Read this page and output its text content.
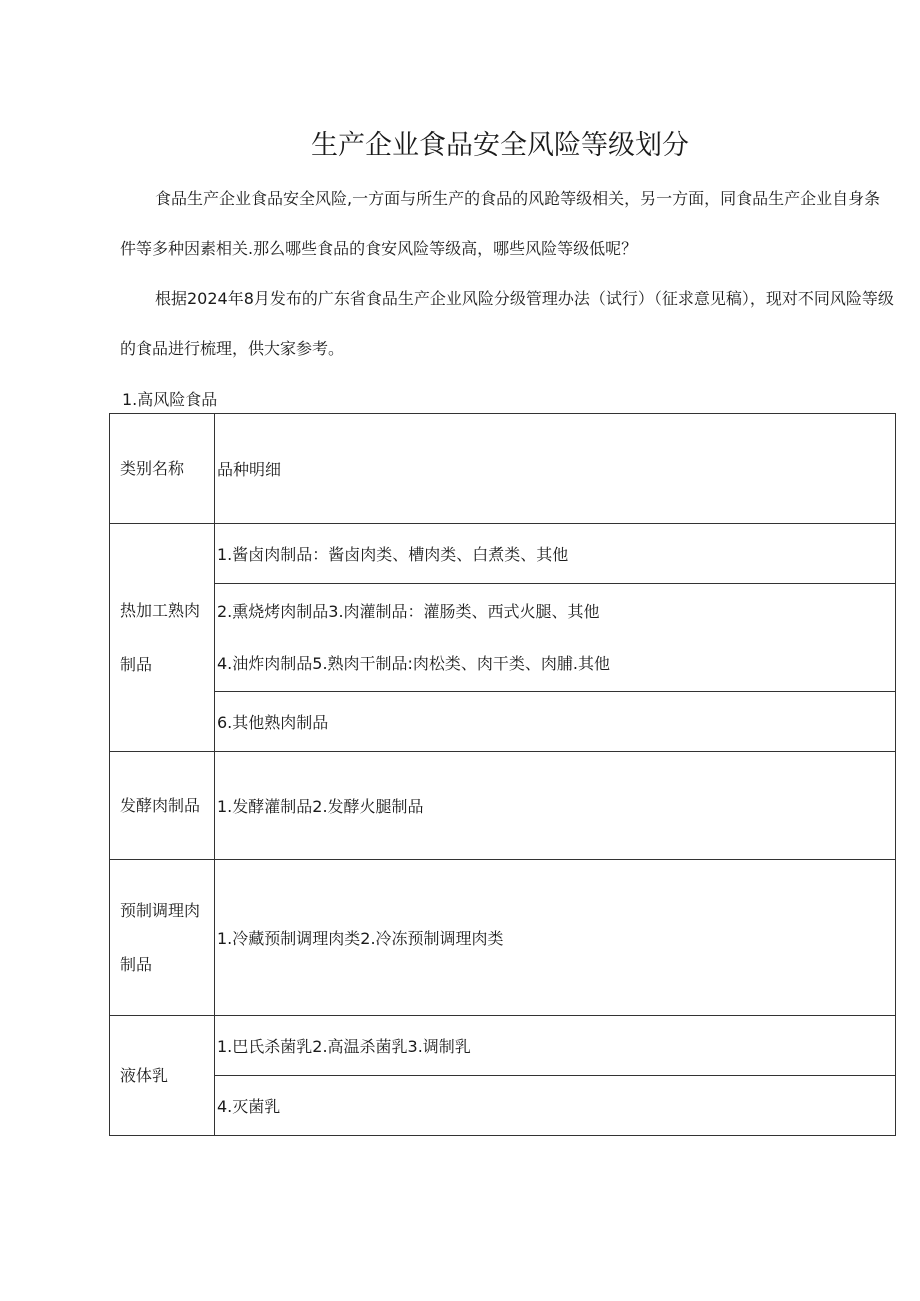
生产企业食品安全风险等级划分
食品生产企业食品安全风险,一方面与所生产的食品的风跄等级相关，另一方面，同食品生产企业自身条件等多种因素相关.那么哪些食品的食安风险等级高，哪些风险等级低呢？
根据2024年8月发布的广东省食品生产企业风险分级管理办法（试行）（征求意见稿），现对不同风险等级的食品进行梳理，供大家参考。
1.高风险食品
类别名称	品种明细
热加工熟肉制品	1.酱卤肉制品：酱卤肉类、槽肉类、白煮类、其他

	2.熏烧烤肉制品3.肉灌制品：灌肠类、西式火腿、其他
4.油炸肉制品5.熟肉干制品:肉松类、肉干类、肉脯.其他

	6.其他熟肉制品
发酵肉制品	1.发酵灌制品2.发酵火腿制品
预制调理肉制品	1.冷藏预制调理肉类2.冷冻预制调理肉类
液体乳	1.巴氏杀菌乳2.高温杀菌乳3.调制乳
	4.灭菌乳
